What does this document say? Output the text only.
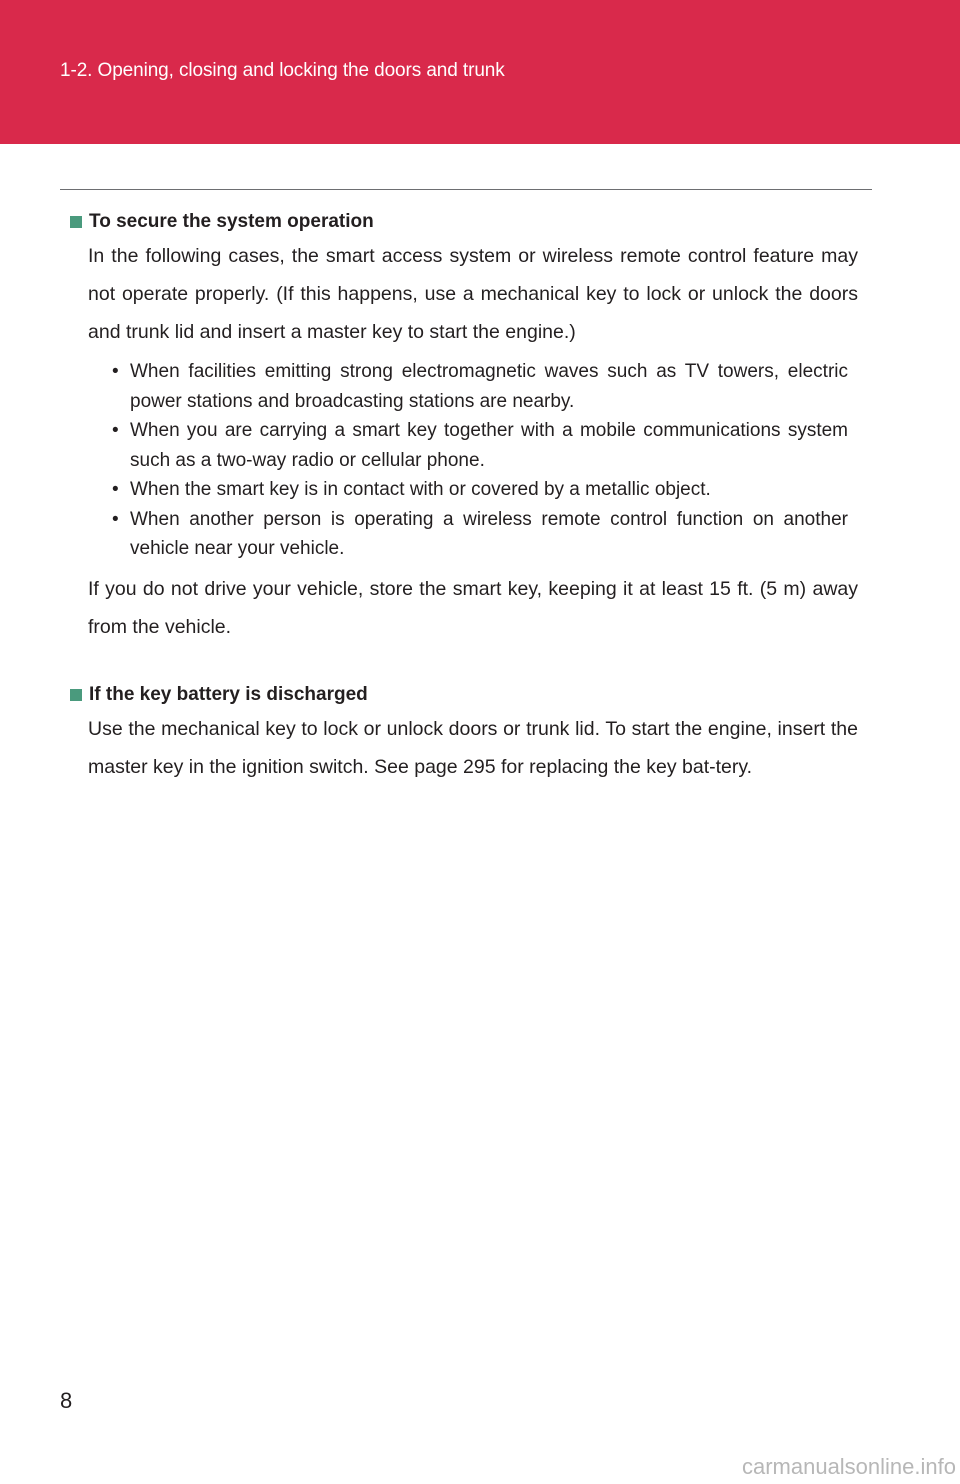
1-2. Opening, closing and locking the doors and trunk
To secure the system operation

In the following cases, the smart access system or wireless remote control feature may not operate properly. (If this happens, use a mechanical key to lock or unlock the doors and trunk lid and insert a master key to start the engine.)

• When facilities emitting strong electromagnetic waves such as TV towers, electric power stations and broadcasting stations are nearby.
• When you are carrying a smart key together with a mobile communications system such as a two-way radio or cellular phone.
• When the smart key is in contact with or covered by a metallic object.
• When another person is operating a wireless remote control function on another vehicle near your vehicle.

If you do not drive your vehicle, store the smart key, keeping it at least 15 ft. (5 m) away from the vehicle.

If the key battery is discharged

Use the mechanical key to lock or unlock doors or trunk lid. To start the engine, insert the master key in the ignition switch. See page 295 for replacing the key bat-tery.

8
carmanualsonline.info
